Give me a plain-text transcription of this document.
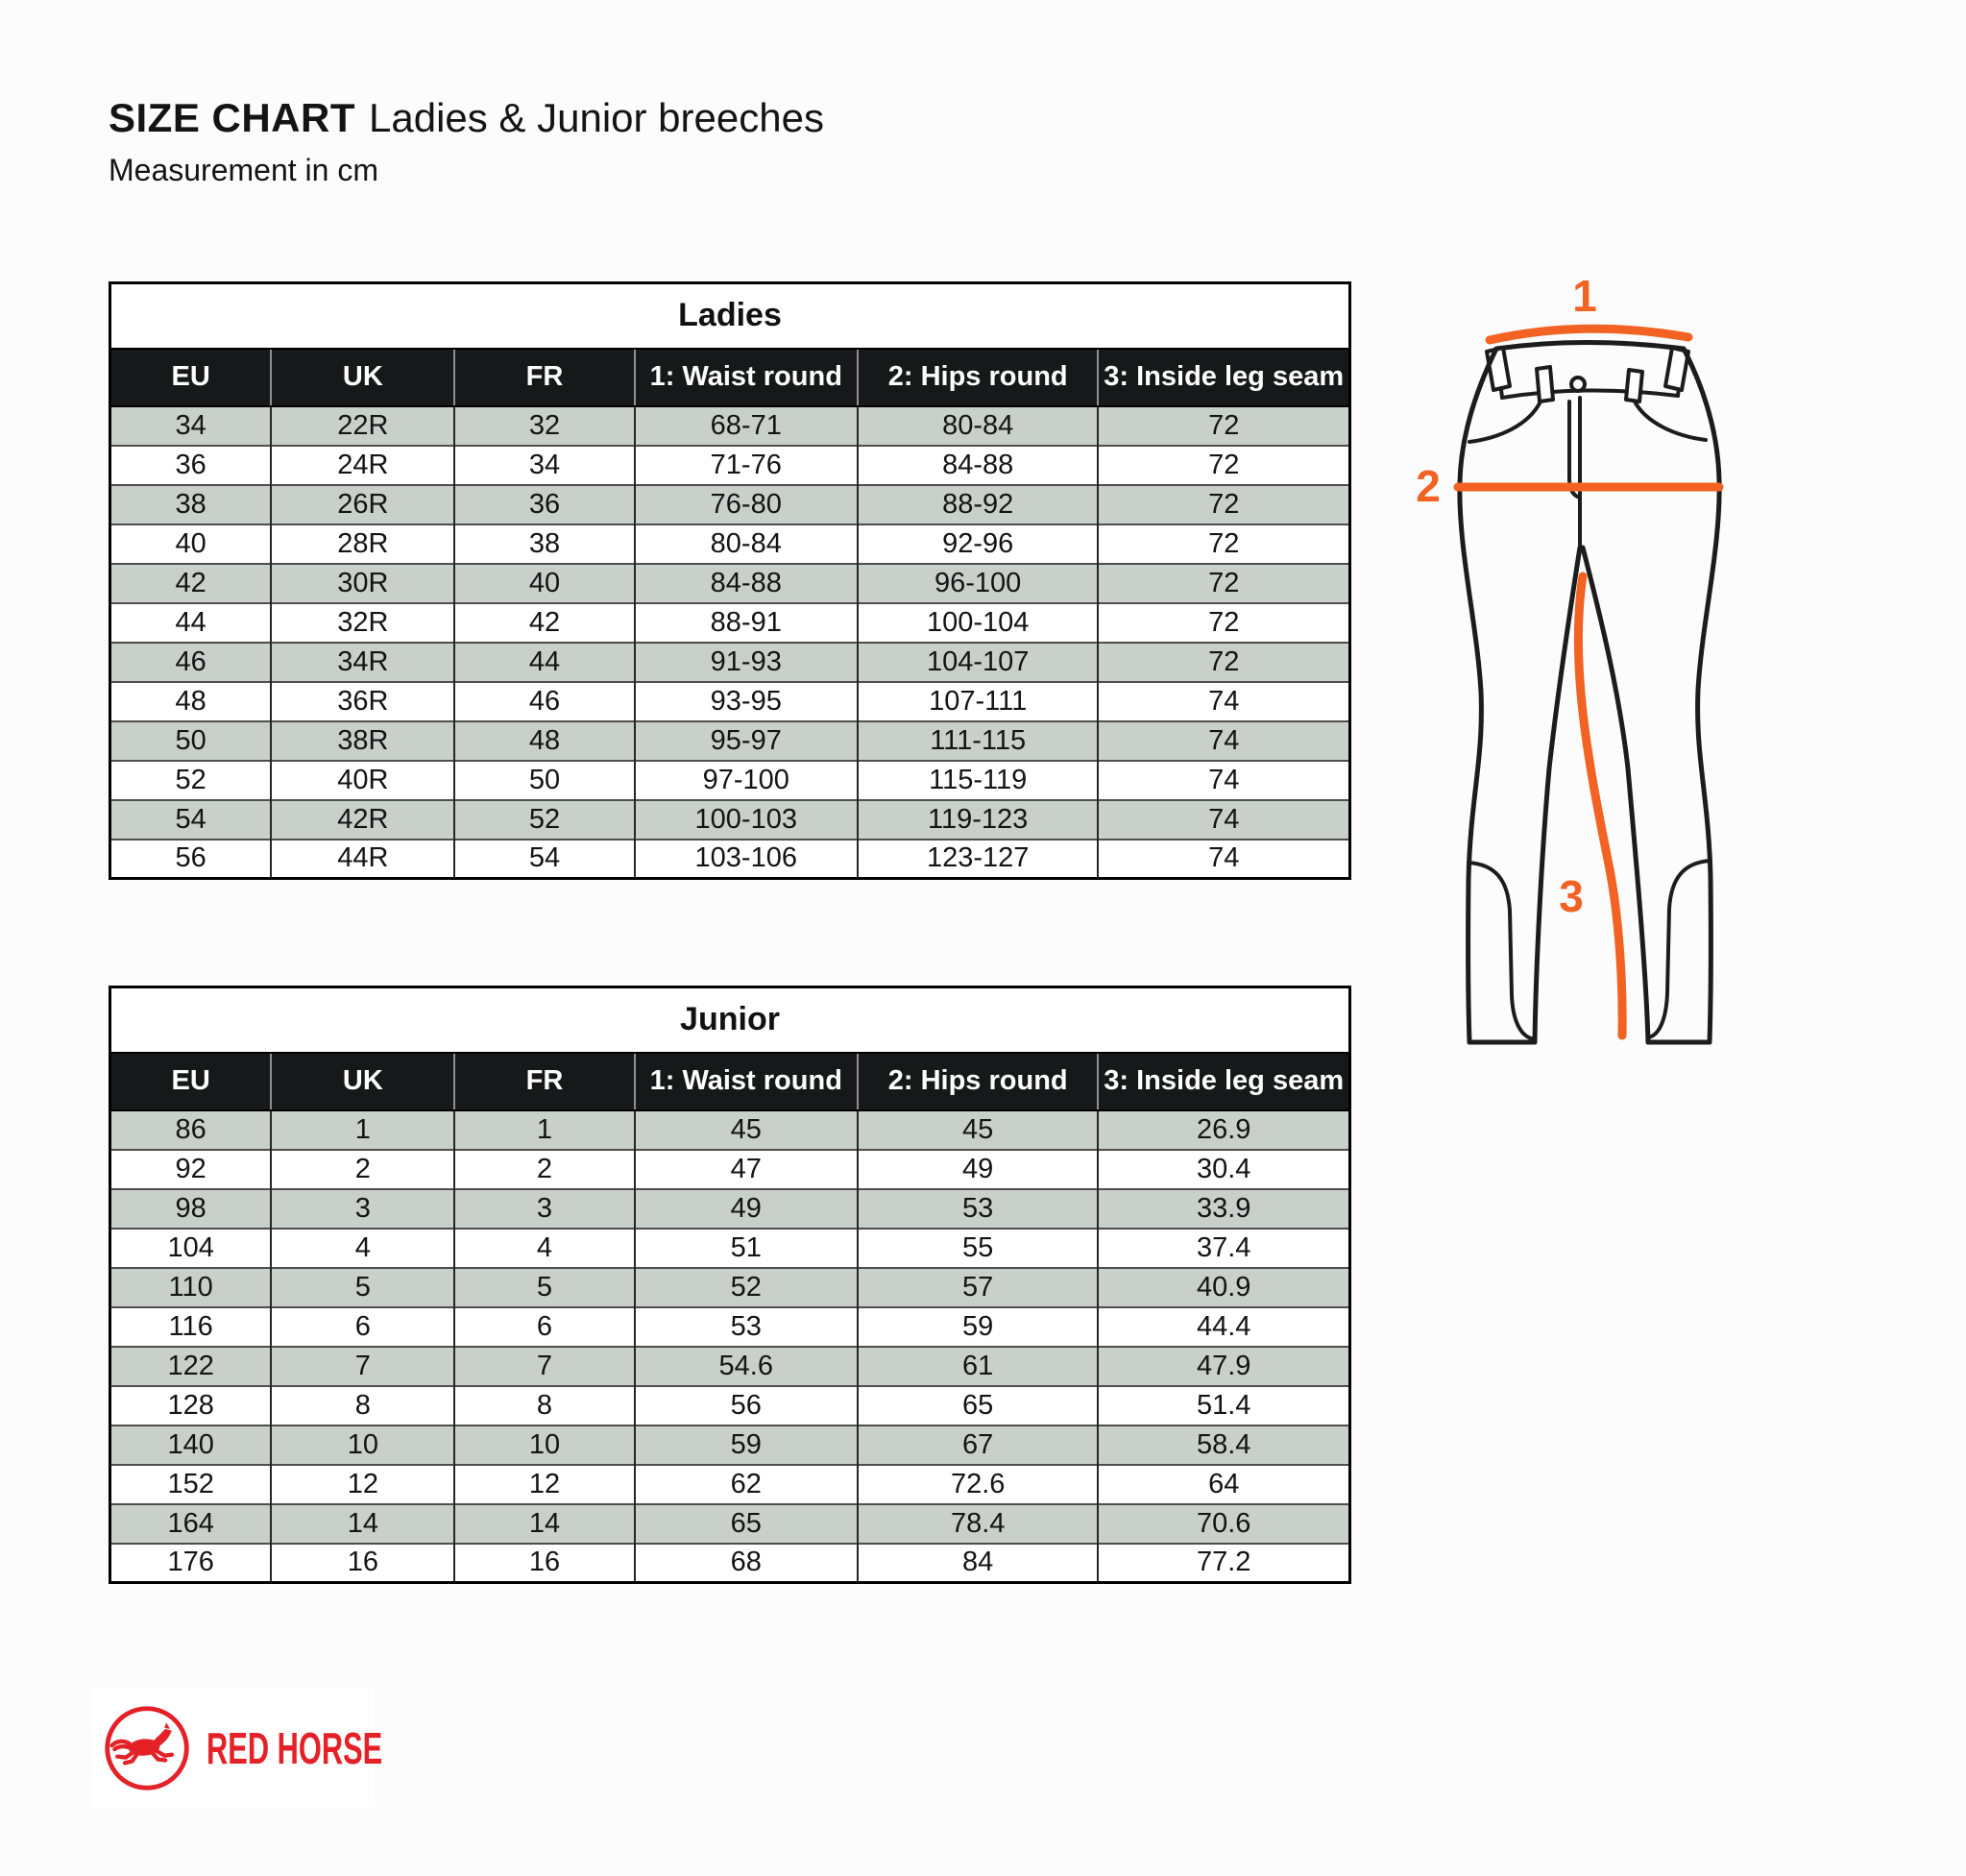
SIZE CHART Ladies & Junior breeches
Measurement in cm
Ladies					
EU	UK	FR	1: Waist round	2: Hips round	3: Inside leg seam
34	22R	32	68-71	80-84	72
36	24R	34	71-76	84-88	72
38	26R	36	76-80	88-92	72
40	28R	38	80-84	92-96	72
42	30R	40	84-88	96-100	72
44	32R	42	88-91	100-104	72
46	34R	44	91-93	104-107	72
48	36R	46	93-95	107-111	74
50	38R	48	95-97	111-115	74
52	40R	50	97-100	115-119	74
54	42R	52	100-103	119-123	74
56	44R	54	103-106	123-127	74
Junior					
EU	UK	FR	1: Waist round	2: Hips round	3: Inside leg seam
86	1	1	45	45	26.9
92	2	2	47	49	30.4
98	3	3	49	53	33.9
104	4	4	51	55	37.4
110	5	5	52	57	40.9
116	6	6	53	59	44.4
122	7	7	54.6	61	47.9
128	8	8	56	65	51.4
140	10	10	59	67	58.4
152	12	12	62	72.6	64
164	14	14	65	78.4	70.6
176	16	16	68	84	77.2
1
2
3
RED HORSE
